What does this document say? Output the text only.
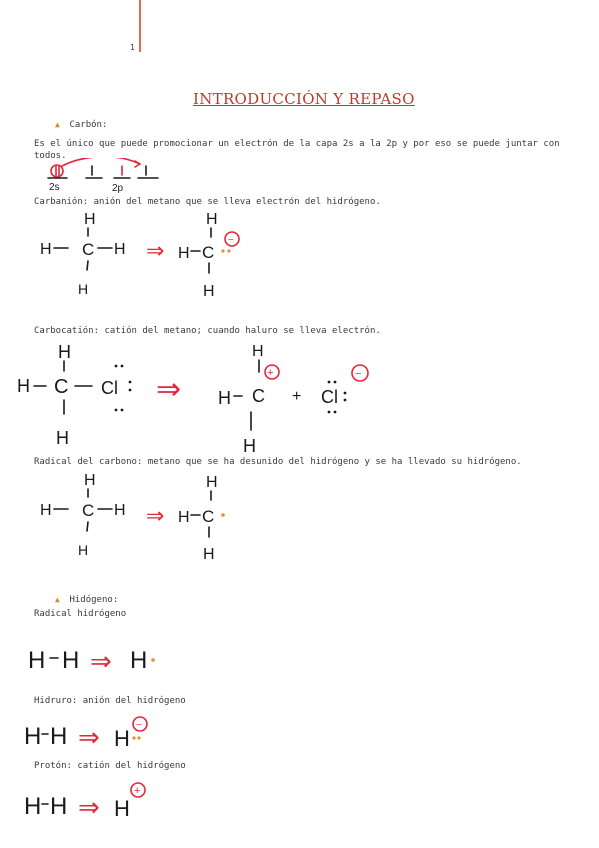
1
INTRODUCCIÓN Y REPASO
▲ Carbón:
Es el único que puede promocionar un electrón de la capa 2s a la 2p y por eso se puede juntar con todos.
2s	2p
Carbanión: anión del metano que se lleva electrón del hidrógeno.
H
H C H
H
⇒
H
H C
−
H
Carbocatión: catión del metano; cuando haluro se lleva electrón.
H
H C Cl
H
⇒
H
H C
+
H
+ Cl
−
Radical del carbono: metano que se ha desunido del hidrógeno y se ha llevado su hidrógeno.
H
H C H
H
⇒
H
H C
H
▲ Hidógeno:
Radical hidrógeno
H H ⇒ H
Hidruro: anión del hidrógeno
H H ⇒ H
−
Protón: catión del hidrógeno
H H ⇒ H
+
